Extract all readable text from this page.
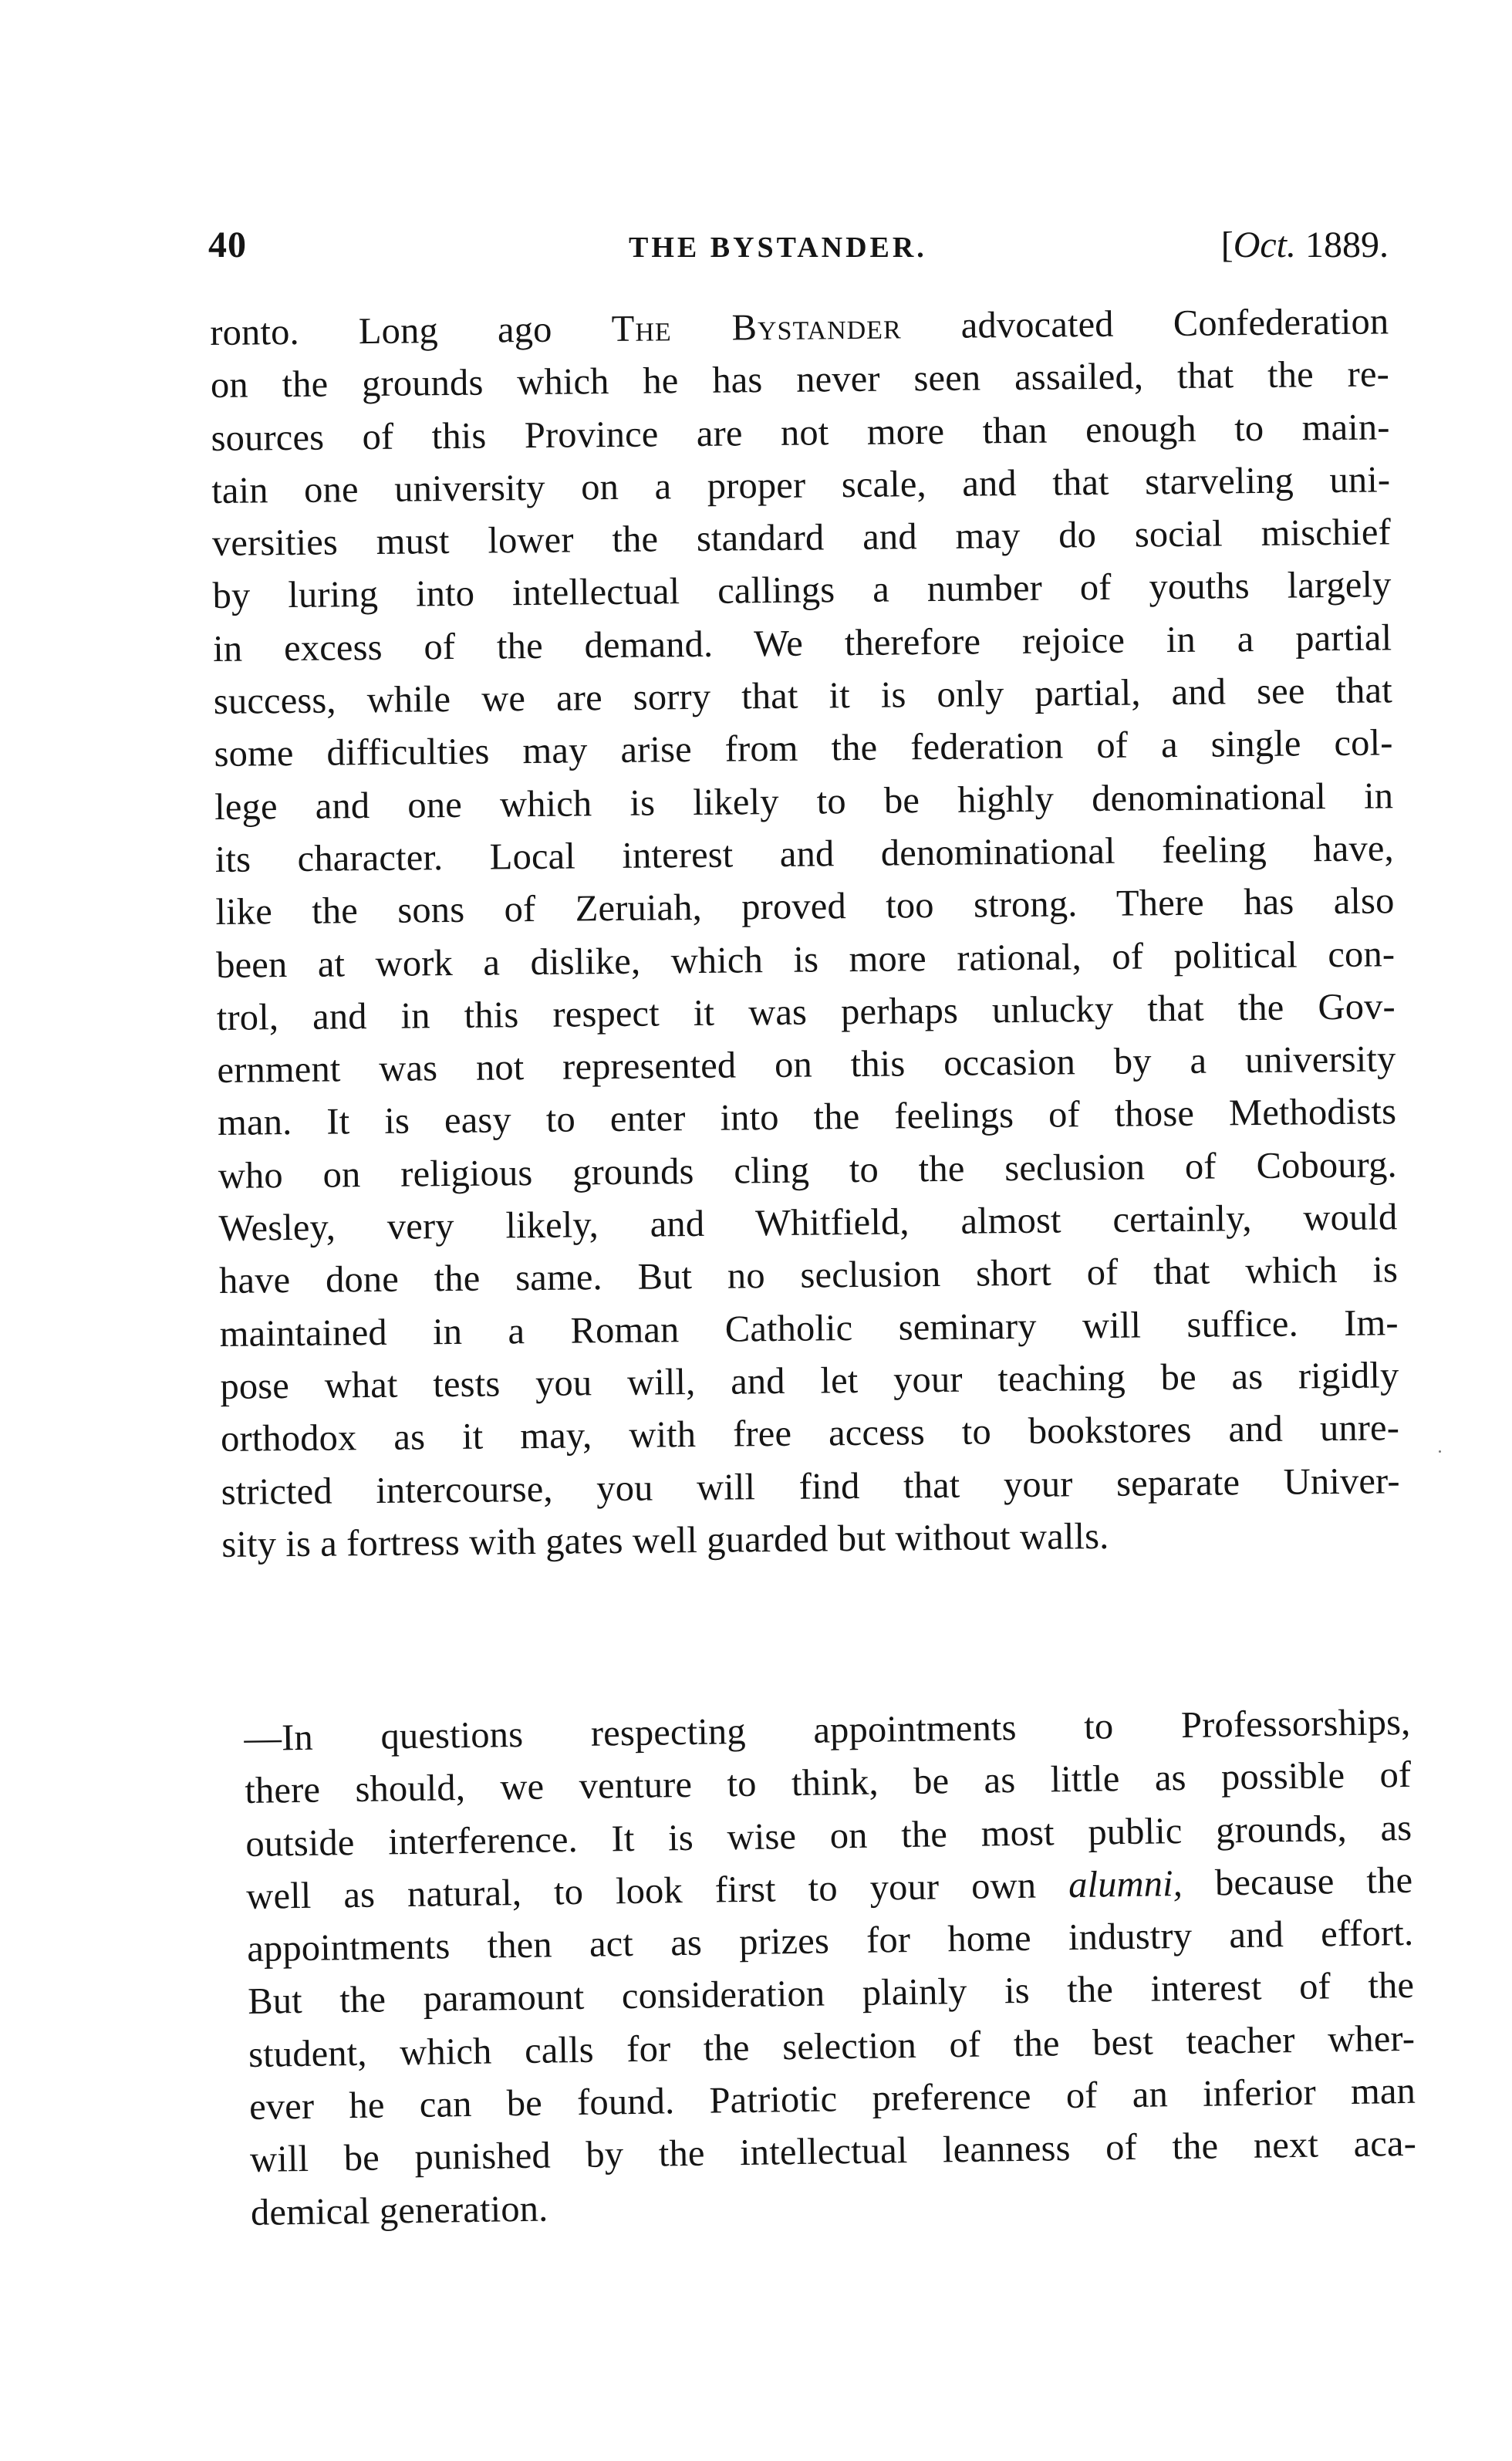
40	THE BYSTANDER.	[Oct. 1889.
ronto. Long ago The Bystander advocated Confederation
on the grounds which he has never seen assailed, that the re-
sources of this Province are not more than enough to main-
tain one university on a proper scale, and that starveling uni-
versities must lower the standard and may do social mischief
by luring into intellectual callings a number of youths largely
in excess of the demand. We therefore rejoice in a partial
success, while we are sorry that it is only partial, and see that
some difficulties may arise from the federation of a single col-
lege and one which is likely to be highly denominational in
its character. Local interest and denominational feeling have,
like the sons of Zeruiah, proved too strong. There has also
been at work a dislike, which is more rational, of political con-
trol, and in this respect it was perhaps unlucky that the Gov-
ernment was not represented on this occasion by a university
man. It is easy to enter into the feelings of those Methodists
who on religious grounds cling to the seclusion of Cobourg.
Wesley, very likely, and Whitfield, almost certainly, would
have done the same. But no seclusion short of that which is
maintained in a Roman Catholic seminary will suffice. Im-
pose what tests you will, and let your teaching be as rigidly
orthodox as it may, with free access to bookstores and unre-
stricted intercourse, you will find that your separate Univer-
sity is a fortress with gates well guarded but without walls.
—In questions respecting appointments to Professorships,
there should, we venture to think, be as little as possible of
outside interference. It is wise on the most public grounds, as
well as natural, to look first to your own alumni, because the
appointments then act as prizes for home industry and effort.
But the paramount consideration plainly is the interest of the
student, which calls for the selection of the best teacher wher-
ever he can be found. Patriotic preference of an inferior man
will be punished by the intellectual leanness of the next aca-
demical generation.
